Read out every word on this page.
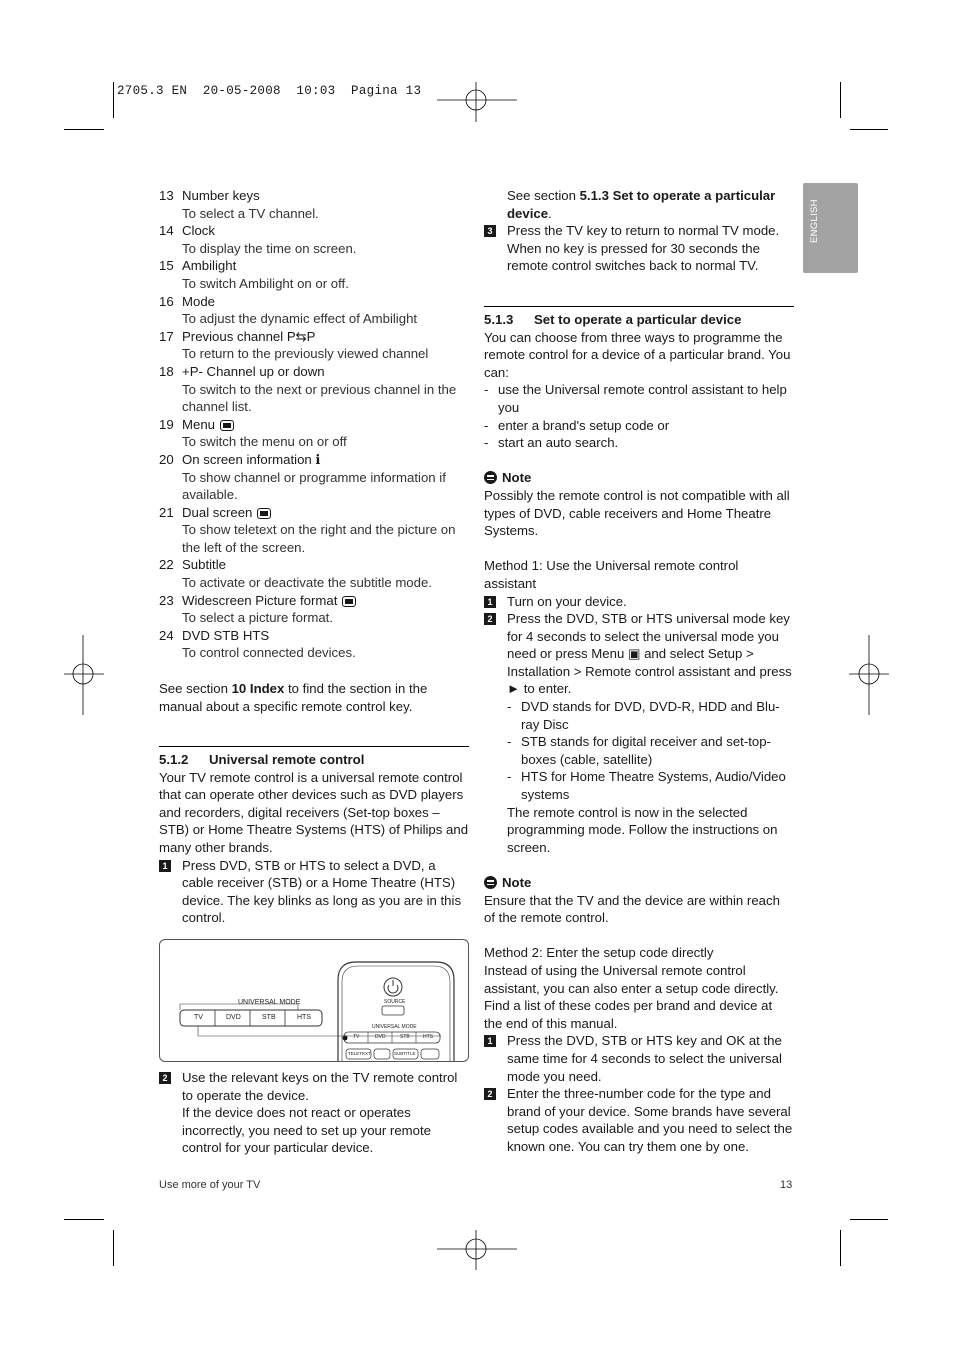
2705.3 EN  20-05-2008  10:03  Pagina 13
ENGLISH
13 Number keys
To select a TV channel.
14 Clock
To display the time on screen.
15 Ambilight
To switch Ambilight on or off.
16 Mode
To adjust the dynamic effect of Ambilight
17 Previous channel P⇆P
To return to the previously viewed channel
18 +P- Channel up or down
To switch to the next or previous channel in the channel list.
19 Menu
To switch the menu on or off
20 On screen information ℹ
To show channel or programme information if available.
21 Dual screen
To show teletext on the right and the picture on the left of the screen.
22 Subtitle
To activate or deactivate the subtitle mode.
23 Widescreen Picture format
To select a picture format.
24 DVD STB HTS
To control connected devices.

See section 10 Index to find the section in the manual about a specific remote control key.

5.1.2 Universal remote control

Your TV remote control is a universal remote control that can operate other devices such as DVD players and recorders, digital receivers (Set-top boxes – STB) or Home Theatre Systems (HTS) of Philips and many other brands.

1 Press DVD, STB or HTS to select a DVD, a cable receiver (STB) or a Home Theatre (HTS) device. The key blinks as long as you are in this control.
UNIVERSAL MODE
TV	DVD	STB	HTS
SOURCE
UNIVERSAL MODE
TV	DVD	STB	HTS
TELETEXT	SUBTITLE
2 Use the relevant keys on the TV remote control to operate the device.

If the device does not react or operates incorrectly, you need to set up your remote control for your particular device.

See section 5.1.3 Set to operate a particular device.

3 Press the TV key to return to normal TV mode. When no key is pressed for 30 seconds the remote control switches back to normal TV.

5.1.3 Set to operate a particular device

You can choose from three ways to programme the remote control for a device of a particular brand. You can:

- use the Universal remote control assistant to help you
- enter a brand's setup code or
- start an auto search.

Note

Possibly the remote control is not compatible with all types of DVD, cable receivers and Home Theatre Systems.

Method 1: Use the Universal remote control assistant

1 Turn on your device.
2 Press the DVD, STB or HTS universal mode key for 4 seconds to select the universal mode you need or press Menu ▣ and select Setup > Installation > Remote control assistant and press ► to enter.
- DVD stands for DVD, DVD-R, HDD and Blu-ray Disc
- STB stands for digital receiver and set-top-boxes (cable, satellite)
- HTS for Home Theatre Systems, Audio/Video systems

The remote control is now in the selected programming mode. Follow the instructions on screen.

Note

Ensure that the TV and the device are within reach of the remote control.

Method 2: Enter the setup code directly

Instead of using the Universal remote control assistant, you can also enter a setup code directly. Find a list of these codes per brand and device at the end of this manual.

1 Press the DVD, STB or HTS key and OK at the same time for 4 seconds to select the universal mode you need.
2 Enter the three-number code for the type and brand of your device. Some brands have several setup codes available and you need to select the known one. You can try them one by one.
Use more of your TV	13
